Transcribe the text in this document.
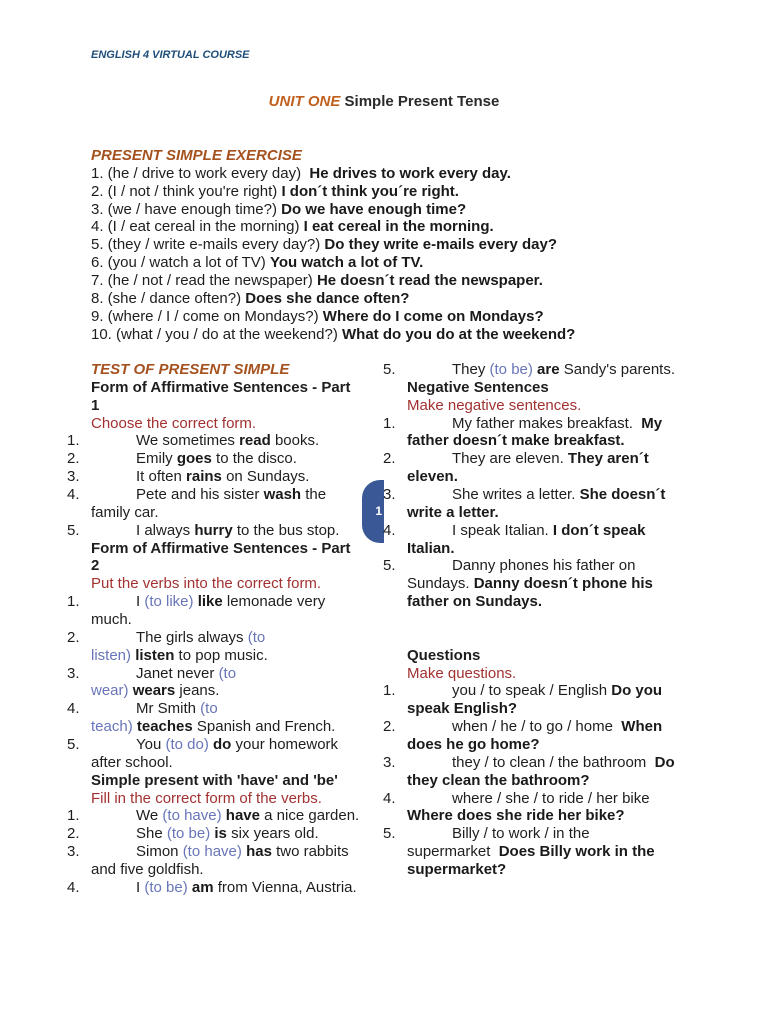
ENGLISH 4 VIRTUAL COURSE
UNIT ONE Simple Present Tense
PRESENT SIMPLE EXERCISE
1. (he / drive to work every day)  He drives to work every day.
2. (I / not / think you're right) I don´t think you´re right.
3. (we / have enough time?) Do we have enough time?
4. (I / eat cereal in the morning) I eat cereal in the morning.
5. (they / write e-mails every day?) Do they write e-mails every day?
6. (you / watch a lot of TV) You watch a lot of TV.
7. (he / not / read the newspaper) He doesn´t read the newspaper.
8. (she / dance often?) Does she dance often?
9. (where / I / come on Mondays?) Where do I come on Mondays?
10. (what / you / do at the weekend?) What do you do at the weekend?
1
TEST OF PRESENT SIMPLE
Form of Affirmative Sentences - Part 1
Choose the correct form.
1.	We sometimes read books.
2.	Emily goes to the disco.
3.	It often rains on Sundays.
4.	Pete and his sister wash the
family car.
5.	I always hurry to the bus stop.
Form of Affirmative Sentences - Part 2
Put the verbs into the correct form.
1.	I (to like) like lemonade very
much.
2.	The girls always (to
listen) listen to pop music.
3.	Janet never (to
wear) wears jeans.
4.	Mr Smith (to
teach) teaches Spanish and French.
5.	You (to do) do your homework
after school.
Simple present with 'have' and 'be'
Fill in the correct form of the verbs.
1.	We (to have) have a nice garden.
2.	She (to be) is six years old.
3.	Simon (to have) has two rabbits
and five goldfish.
4.	I (to be) am from Vienna, Austria.
5.	They (to be) are Sandy's parents.
Negative Sentences
Make negative sentences.
1.	My father makes breakfast.  My
father doesn´t make breakfast.
2.	They are eleven. They aren´t
eleven.
3.	She writes a letter. She doesn´t
write a letter.
4.	I speak Italian. I don´t speak
Italian.
5.	Danny phones his father on
Sundays. Danny doesn´t phone his
father on Sundays.
Questions
Make questions.
1.	you / to speak / English Do you
speak English?
2.	when / he / to go / home  When
does he go home?
3.	they / to clean / the bathroom  Do
they clean the bathroom?
4.	where / she / to ride / her bike
Where does she ride her bike?
5.	Billy / to work / in the
supermarket  Does Billy work in the
supermarket?
